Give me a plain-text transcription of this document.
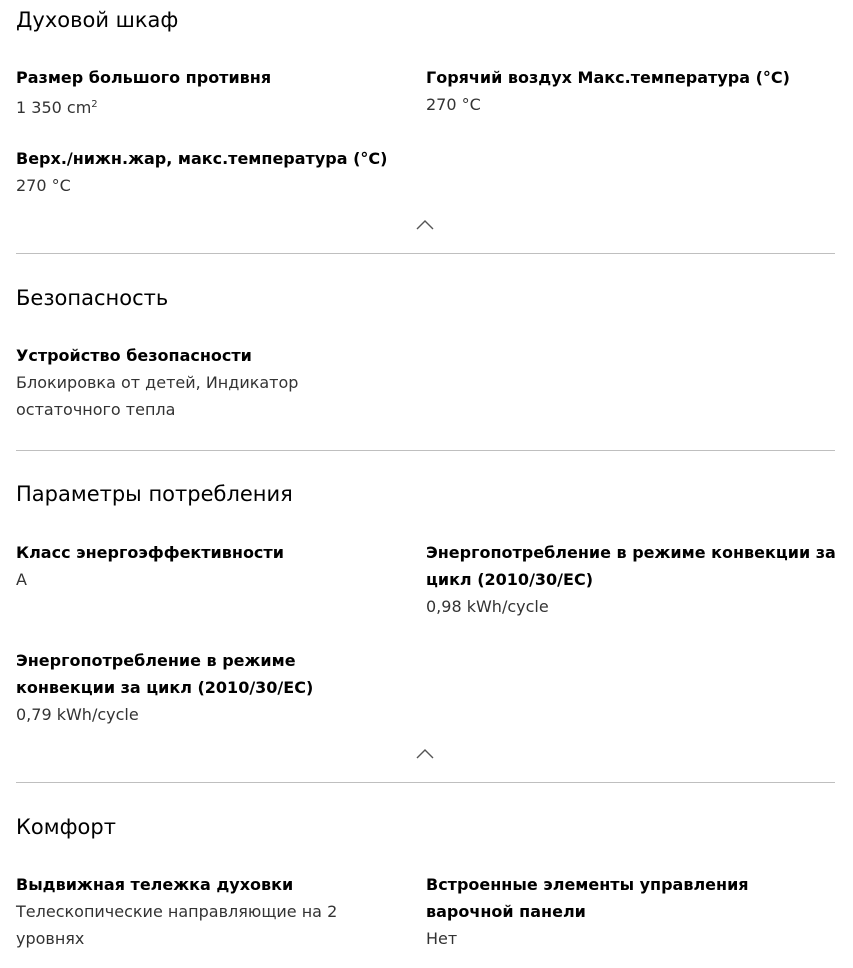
Духовой шкаф
Размер большого противня
1 350 $cm^2$
Горячий воздух Макс.температура (°C)
270 °C
Верх./нижн.жар, макс.температура (°C)
270 °C
Безопасность
Устройство безопасности
Блокировка от детей, Индикатор остаточного тепла
Параметры потребления
Класс энергоэффективности
A
Энергопотребление в режиме конвекции за цикл (2010/30/EC)
0,98 kWh/cycle
Энергопотребление в режиме конвекции за цикл (2010/30/EC)
0,79 kWh/cycle
Комфорт
Выдвижная тележка духовки
Телескопические направляющие на 2 уровнях
Встроенные элементы управления варочной панели
Нет
